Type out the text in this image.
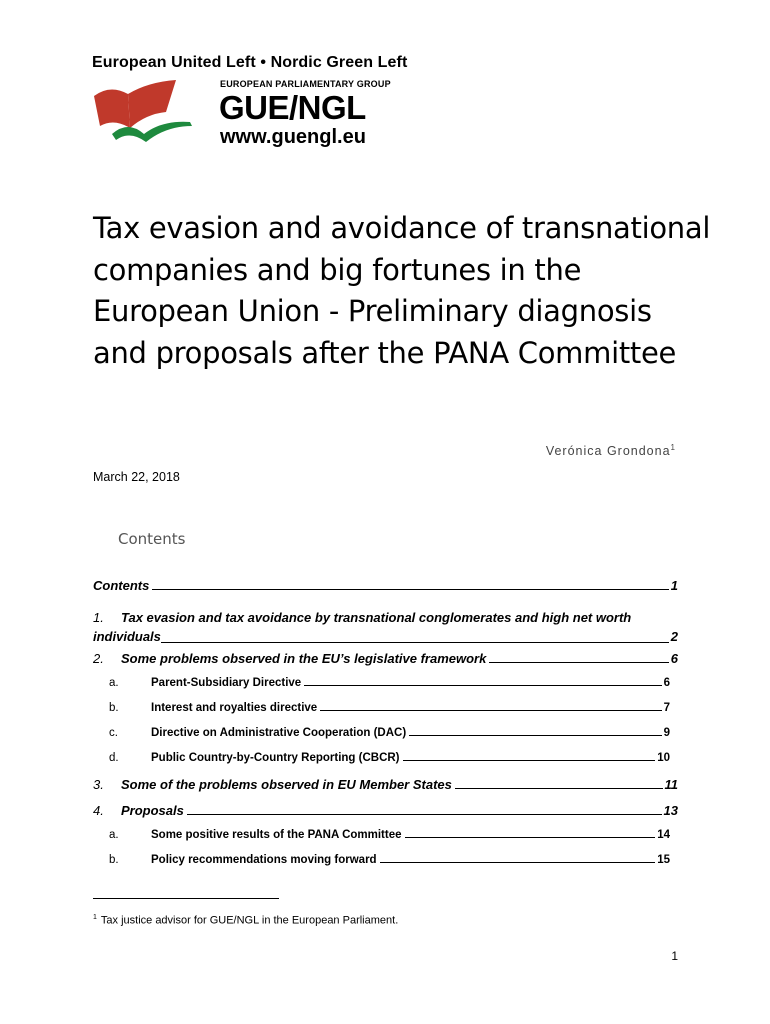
European United Left • Nordic Green Left
EUROPEAN PARLIAMENTARY GROUP
GUE/NGL
www.guengl.eu
Tax evasion and avoidance of transnational companies and big fortunes in the European Union - Preliminary diagnosis and proposals after the PANA Committee
Verónica Grondona$^1$
March 22, 2018
Contents
Contents	1
1.	Tax evasion and tax avoidance by transnational conglomerates and high net worth
individuals	2
2.	Some problems observed in the EU’s legislative framework	6
a.	Parent-Subsidiary Directive	6
b.	Interest and royalties directive	7
c.	Directive on Administrative Cooperation (DAC)	9
d.	Public Country-by-Country Reporting (CBCR)	10
3.	Some of the problems observed in EU Member States	11
4.	Proposals	13
a.	Some positive results of the PANA Committee	14
b.	Policy recommendations moving forward	15
$^1$ Tax justice advisor for GUE/NGL in the European Parliament.
1
